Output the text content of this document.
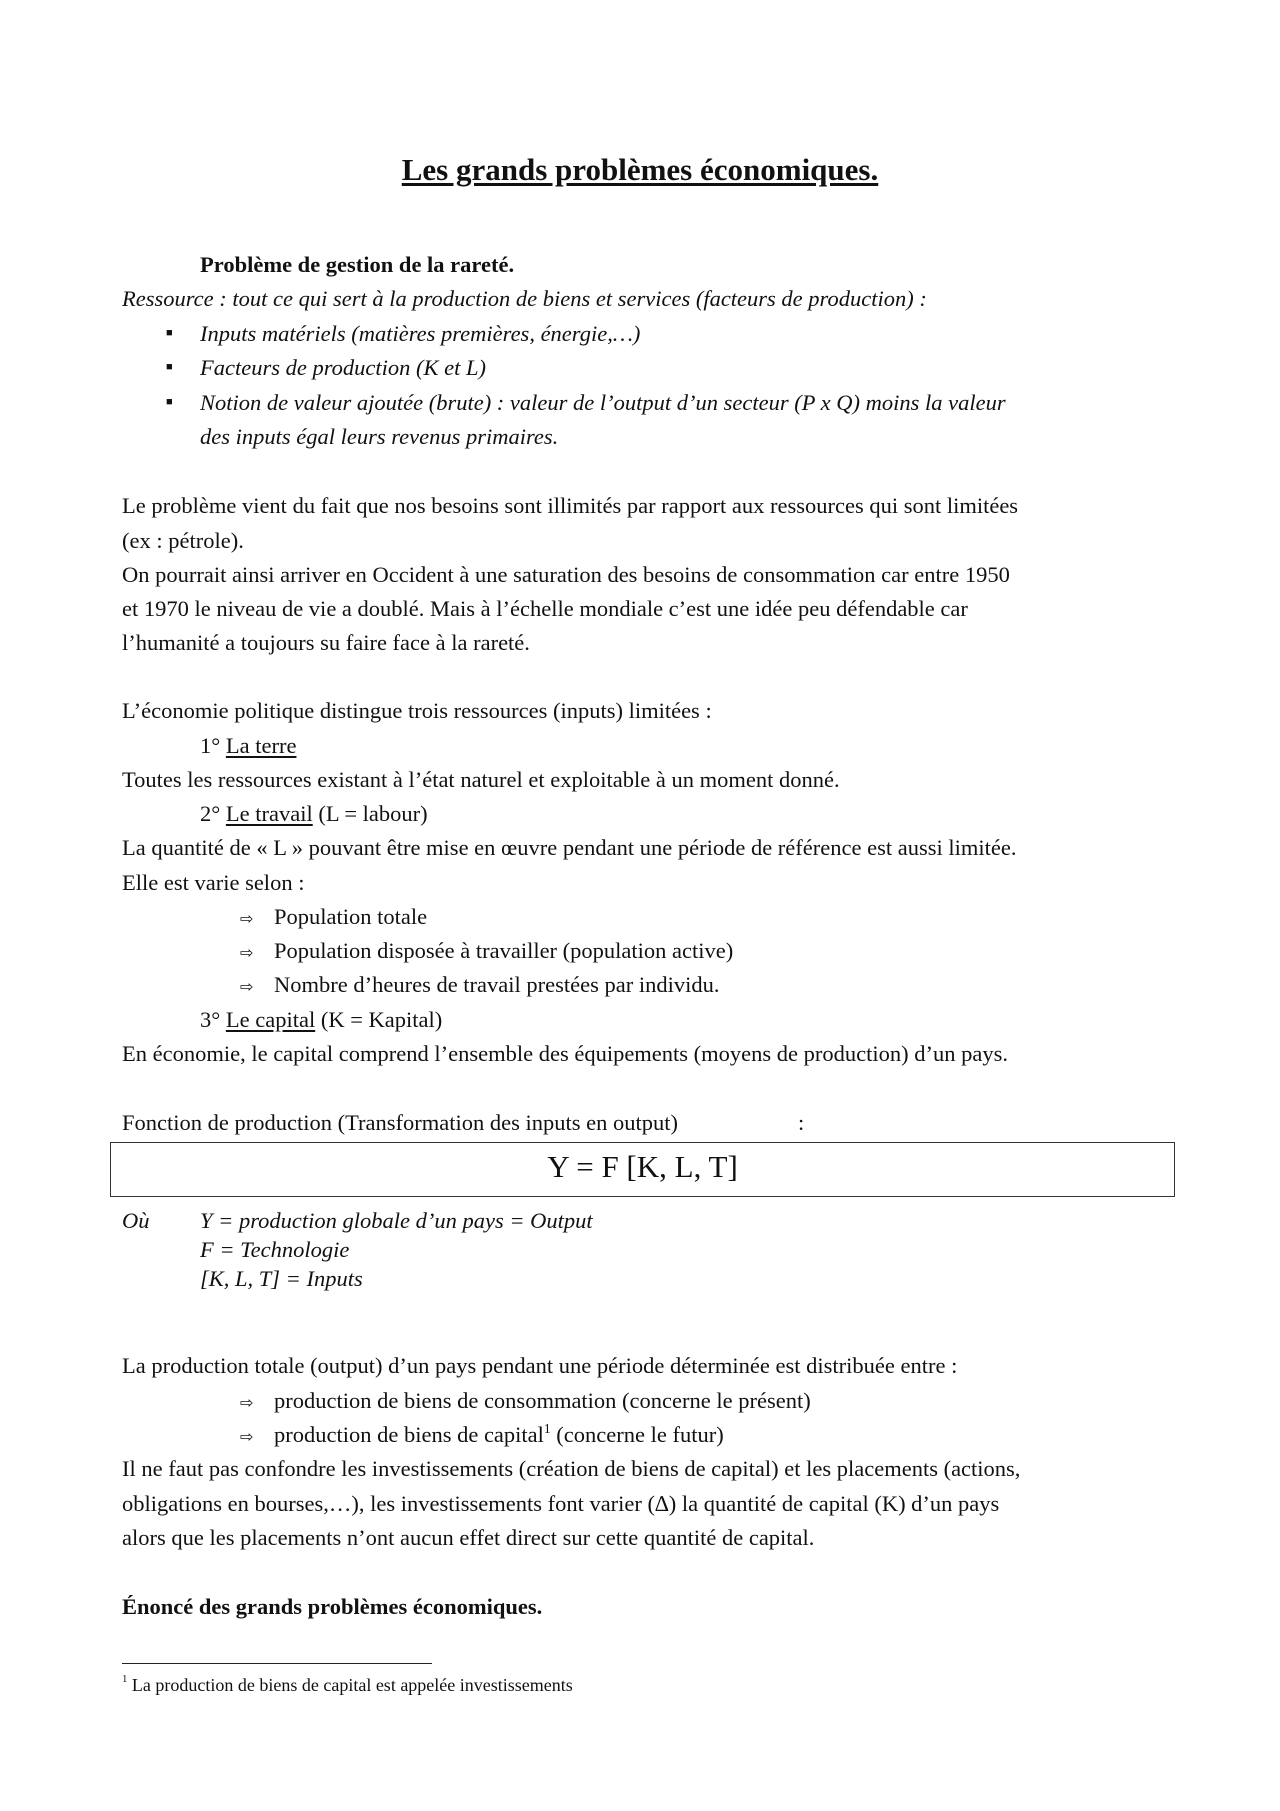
Les grands problèmes économiques.
Problème de gestion de la rareté.
Ressource : tout ce qui sert à la production de biens et services (facteurs de production) :
■ Inputs matériels (matières premières, énergie,…)
■ Facteurs de production (K et L)
■ Notion de valeur ajoutée (brute) : valeur de l’output d’un secteur (P x Q) moins la valeur
des inputs égal leurs revenus primaires.
Le problème vient du fait que nos besoins sont illimités par rapport aux ressources qui sont limitées
(ex : pétrole).
On pourrait ainsi arriver en Occident à une saturation des besoins de consommation car entre 1950
et 1970 le niveau de vie a doublé. Mais à l’échelle mondiale c’est une idée peu défendable car
l’humanité a toujours su faire face à la rareté.
L’économie politique distingue trois ressources (inputs) limitées :
1° La terre
Toutes les ressources existant à l’état naturel et exploitable à un moment donné.
2° Le travail (L = labour)
La quantité de « L » pouvant être mise en œuvre pendant une période de référence est aussi limitée.
Elle est varie selon :
⇨ Population totale
⇨ Population disposée à travailler (population active)
⇨ Nombre d’heures de travail prestées par individu.
3° Le capital (K = Kapital)
En économie, le capital comprend l’ensemble des équipements (moyens de production) d’un pays.
Fonction de production (Transformation des inputs en output)	:
Y = F [K, L, T]
Où Y = production globale d’un pays = Output
F = Technologie
[K, L, T] = Inputs
La production totale (output) d’un pays pendant une période déterminée est distribuée entre :
⇨ production de biens de consommation (concerne le présent)
⇨ production de biens de capital$^1$ (concerne le futur)
Il ne faut pas confondre les investissements (création de biens de capital) et les placements (actions,
obligations en bourses,…), les investissements font varier (∆) la quantité de capital (K) d’un pays
alors que les placements n’ont aucun effet direct sur cette quantité de capital.
Énoncé des grands problèmes économiques.
$^1$ La production de biens de capital est appelée investissements
